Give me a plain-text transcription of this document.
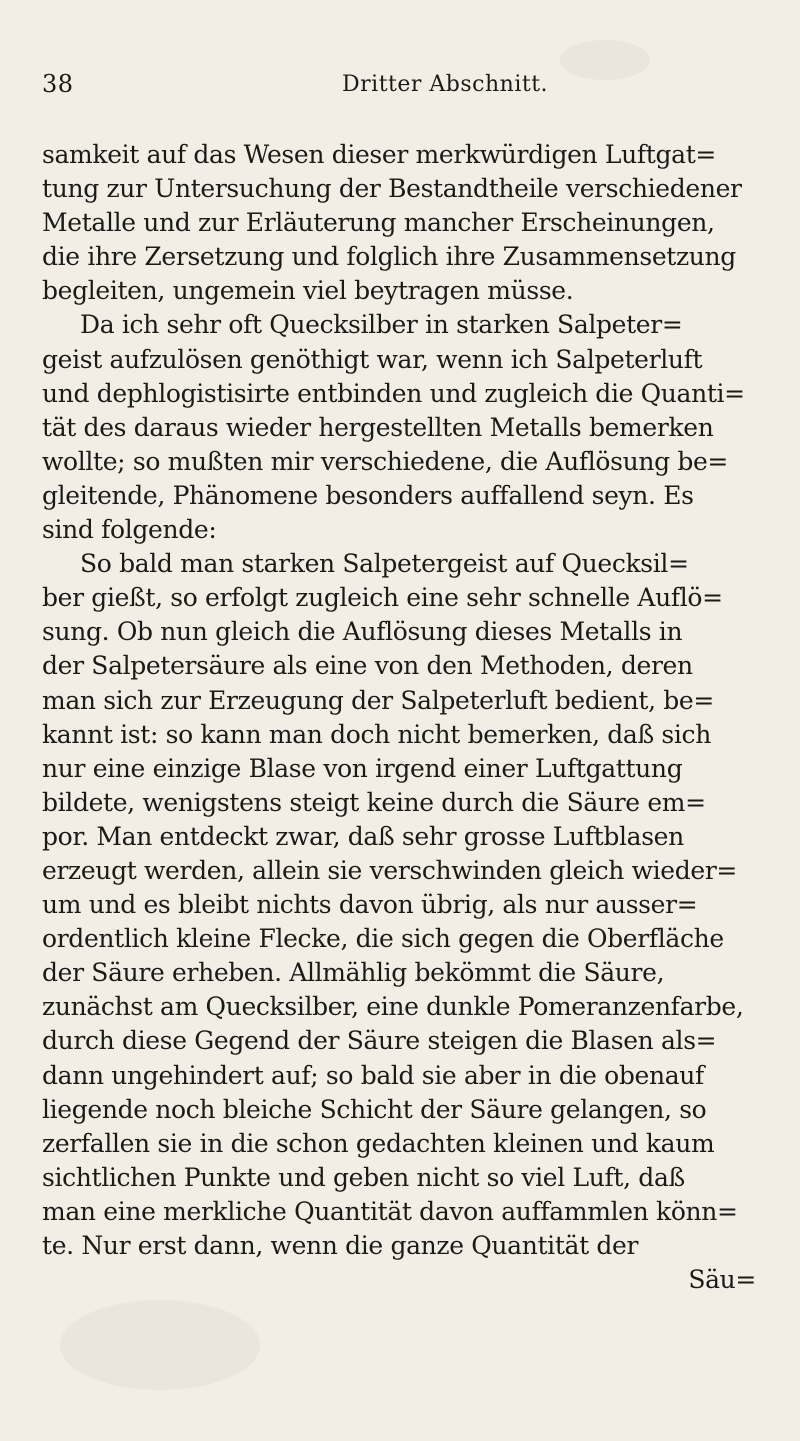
38	Dritter Abschnitt.
samkeit auf das Wesen dieser merkwürdigen Luftgat=
tung zur Untersuchung der Bestandtheile verschiedener
Metalle und zur Erläuterung mancher Erscheinungen,
die ihre Zersetzung und folglich ihre Zusammensetzung
begleiten, ungemein viel beytragen müsse.
Da ich sehr oft Quecksilber in starken Salpeter=
geist aufzulösen genöthigt war, wenn ich Salpeterluft
und dephlogistisirte entbinden und zugleich die Quanti=
tät des daraus wieder hergestellten Metalls bemerken
wollte; so mußten mir verschiedene, die Auflösung be=
gleitende, Phänomene besonders auffallend seyn. Es
sind folgende:
So bald man starken Salpetergeist auf Quecksil=
ber gießt, so erfolgt zugleich eine sehr schnelle Auflö=
sung. Ob nun gleich die Auflösung dieses Metalls in
der Salpetersäure als eine von den Methoden, deren
man sich zur Erzeugung der Salpeterluft bedient, be=
kannt ist: so kann man doch nicht bemerken, daß sich
nur eine einzige Blase von irgend einer Luftgattung
bildete, wenigstens steigt keine durch die Säure em=
por. Man entdeckt zwar, daß sehr grosse Luftblasen
erzeugt werden, allein sie verschwinden gleich wieder=
um und es bleibt nichts davon übrig, als nur ausser=
ordentlich kleine Flecke, die sich gegen die Oberfläche
der Säure erheben. Allmählig bekömmt die Säure,
zunächst am Quecksilber, eine dunkle Pomeranzenfarbe,
durch diese Gegend der Säure steigen die Blasen als=
dann ungehindert auf; so bald sie aber in die obenauf
liegende noch bleiche Schicht der Säure gelangen, so
zerfallen sie in die schon gedachten kleinen und kaum
sichtlichen Punkte und geben nicht so viel Luft, daß
man eine merkliche Quantität davon auffammlen könn=
te. Nur erst dann, wenn die ganze Quantität der
Säu=
